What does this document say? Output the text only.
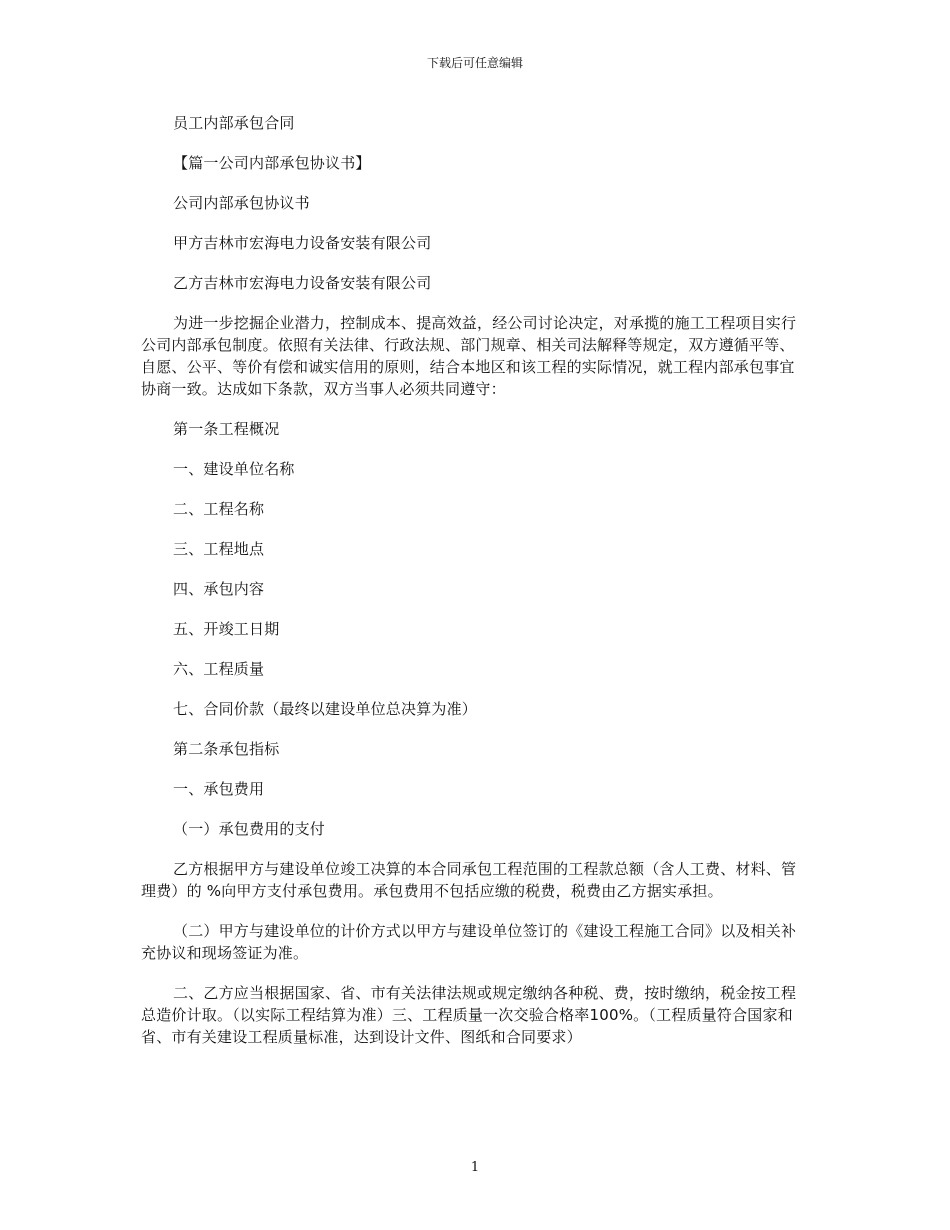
下载后可任意编辑

员工内部承包合同

【篇一公司内部承包协议书】

公司内部承包协议书

甲方吉林市宏海电力设备安装有限公司

乙方吉林市宏海电力设备安装有限公司

为进一步挖掘企业潜力，控制成本、提高效益，经公司讨论决定，对承揽的施工工程项目实行公司内部承包制度。依照有关法律、行政法规、部门规章、相关司法解释等规定，双方遵循平等、自愿、公平、等价有偿和诚实信用的原则，结合本地区和该工程的实际情况，就工程内部承包事宜协商一致。达成如下条款，双方当事人必须共同遵守：

第一条工程概况

一、建设单位名称

二、工程名称

三、工程地点

四、承包内容

五、开竣工日期

六、工程质量

七、合同价款（最终以建设单位总决算为准）

第二条承包指标

一、承包费用

（一）承包费用的支付

乙方根据甲方与建设单位竣工决算的本合同承包工程范围的工程款总额（含人工费、材料、管理费）的 %向甲方支付承包费用。承包费用不包括应缴的税费，税费由乙方据实承担。

（二）甲方与建设单位的计价方式以甲方与建设单位签订的《建设工程施工合同》以及相关补充协议和现场签证为准。

二、乙方应当根据国家、省、市有关法律法规或规定缴纳各种税、费，按时缴纳，税金按工程总造价计取。（以实际工程结算为准）三、工程质量一次交验合格率100%。（工程质量符合国家和省、市有关建设工程质量标准，达到设计文件、图纸和合同要求）

1
